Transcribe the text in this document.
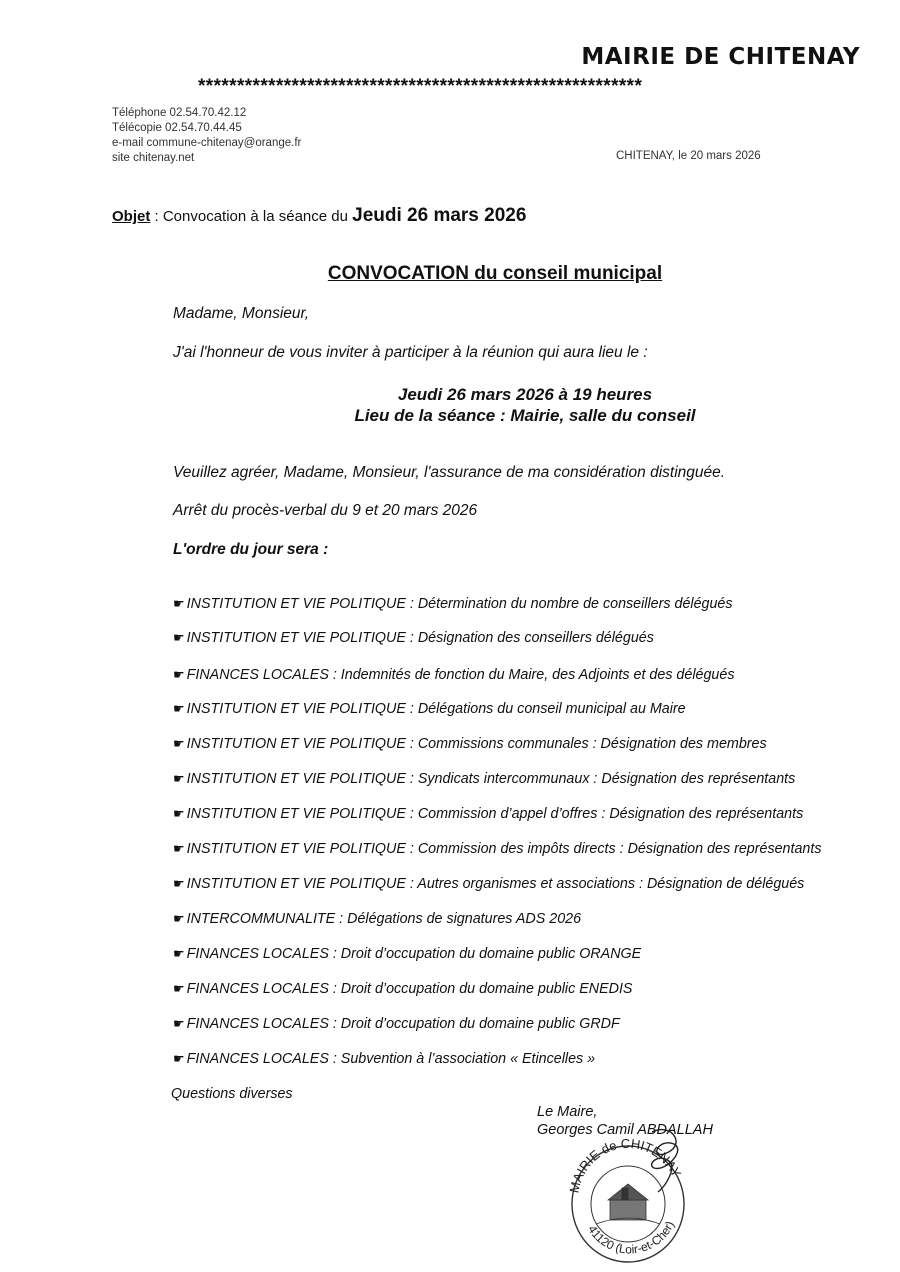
MAIRIE DE CHITENAY
*********************************************************
Téléphone 02.54.70.42.12
Télécopie 02.54.70.44.45
e-mail commune-chitenay@orange.fr
site chitenay.net	CHITENAY, le 20 mars 2026
Objet : Convocation à la séance du Jeudi 26 mars 2026
CONVOCATION du conseil municipal
Madame, Monsieur,
J'ai l'honneur de vous inviter à participer à la réunion qui aura lieu le :
Jeudi 26 mars 2026 à 19 heures
Lieu de la séance : Mairie, salle du conseil
Veuillez agréer, Madame, Monsieur, l'assurance de ma considération distinguée.
Arrêt du procès-verbal du 9 et 20 mars 2026
L'ordre du jour sera :
☛ INSTITUTION ET VIE POLITIQUE : Détermination du nombre de conseillers délégués
☛ INSTITUTION ET VIE POLITIQUE : Désignation des conseillers délégués
☛ FINANCES LOCALES : Indemnités de fonction du Maire, des Adjoints et des délégués
☛ INSTITUTION ET VIE POLITIQUE : Délégations du conseil municipal au Maire
☛ INSTITUTION ET VIE POLITIQUE : Commissions communales : Désignation des membres
☛ INSTITUTION ET VIE POLITIQUE : Syndicats intercommunaux : Désignation des représentants
☛ INSTITUTION ET VIE POLITIQUE : Commission d’appel d’offres : Désignation des représentants
☛ INSTITUTION ET VIE POLITIQUE : Commission des impôts directs : Désignation des représentants
☛ INSTITUTION ET VIE POLITIQUE : Autres organismes et associations : Désignation de délégués
☛ INTERCOMMUNALITE : Délégations de signatures ADS 2026
☛ FINANCES LOCALES : Droit d’occupation du domaine public ORANGE
☛ FINANCES LOCALES : Droit d’occupation du domaine public ENEDIS
☛ FINANCES LOCALES : Droit d’occupation du domaine public GRDF
☛ FINANCES LOCALES : Subvention à l’association « Etincelles »
Questions diverses
Le Maire,
Georges Camil ABDALLAH
MAIRIE de CHITENAY
41120 (Loir-et-Cher)
